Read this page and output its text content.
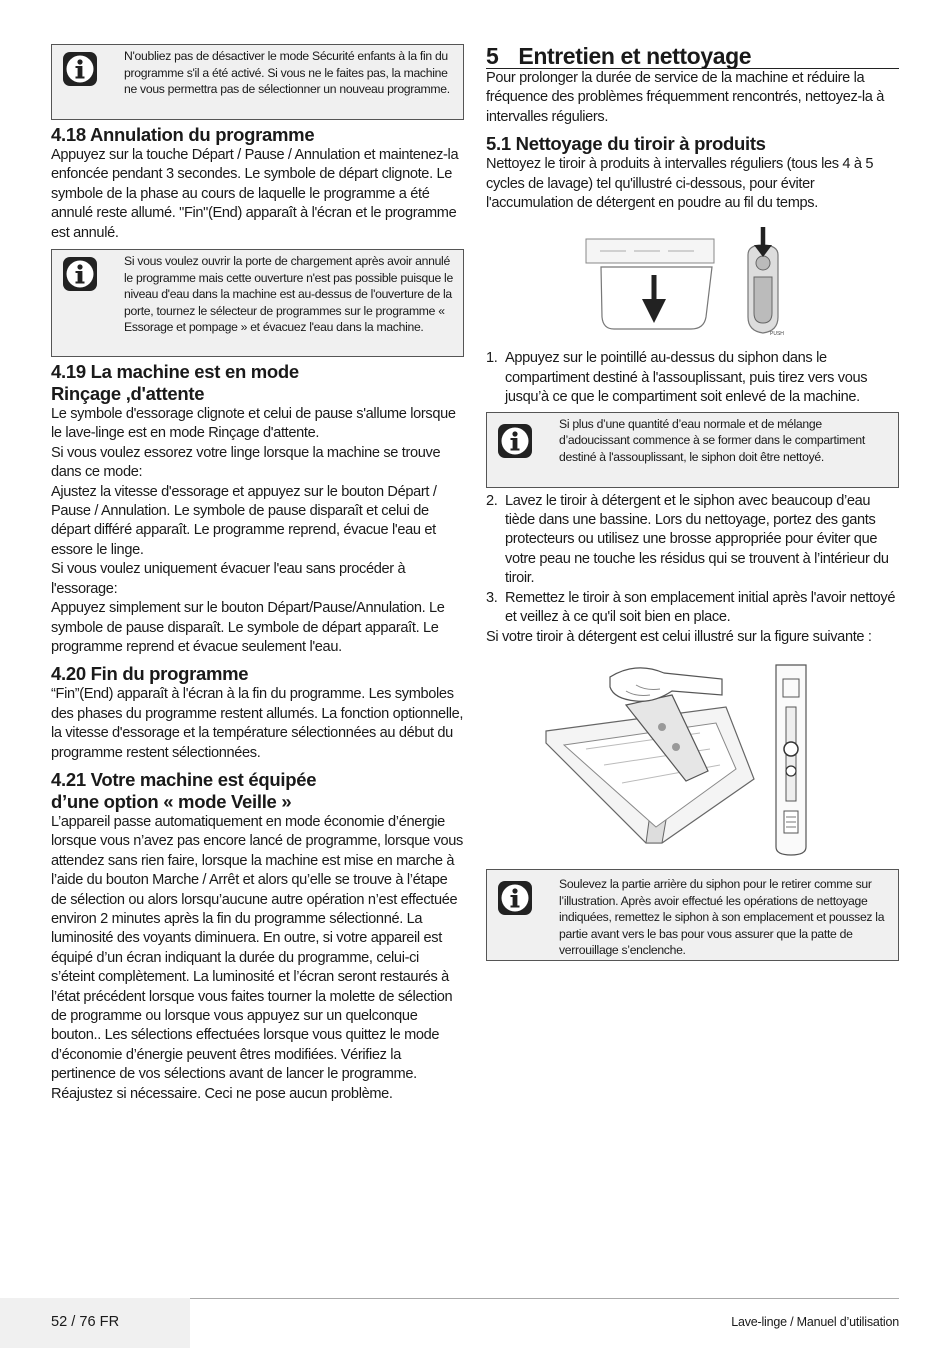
N'oubliez pas de désactiver le mode Sécurité enfants à la fin du programme s'il a été activé. Si vous ne le faites pas, la machine ne vous permettra pas de sélectionner un nouveau programme.
4.18 Annulation du programme

Appuyez sur la touche Départ / Pause / Annulation et maintenez-la enfoncée pendant 3 secondes. Le symbole de départ clignote. Le symbole de la phase au cours de laquelle le programme a été annulé reste allumé. "Fin"(End) apparaît à l'écran et le programme est annulé.

Si vous voulez ouvrir la porte de chargement après avoir annulé le programme mais cette ouverture n'est pas possible puisque le niveau d'eau dans la machine est au-dessus de l'ouverture de la porte, tournez le sélecteur de programmes sur le programme « Essorage et pompage » et évacuez l'eau dans la machine.
4.19 La machine est en mode
Rinçage ,d'attente

Le symbole d'essorage clignote et celui de pause s'allume lorsque le lave-linge est en mode Rinçage d'attente.

Si vous voulez essorez votre linge lorsque la machine se trouve dans ce mode:

Ajustez la vitesse d'essorage et appuyez sur le bouton Départ / Pause / Annulation. Le symbole de pause disparaît et celui de départ différé apparaît. Le programme reprend, évacue l'eau et essore le linge.

Si vous voulez uniquement évacuer l'eau sans procéder à l'essorage:

Appuyez simplement sur le bouton Départ/Pause/Annulation. Le symbole de pause disparaît. Le symbole de départ apparaît. Le programme reprend et évacue seulement l'eau.

4.20 Fin du programme

“Fin”(End) apparaît à l'écran à la fin du programme. Les symboles des phases du programme restent allumés. La fonction optionnelle, la vitesse d'essorage et la température sélectionnées au début du programme restent sélectionnées.

4.21 Votre machine est équipée
d’une option « mode Veille »

L’appareil passe automatiquement en mode économie d’énergie lorsque vous n’avez pas encore lancé de programme, lorsque vous attendez sans rien faire, lorsque la machine est mise en marche à l’aide du bouton Marche / Arrêt et alors qu’elle se trouve à l’étape de sélection ou alors lorsqu’aucune autre opération n’est effectuée environ 2 minutes après la fin du programme sélectionné. La luminosité des voyants diminuera. En outre, si votre appareil est équipé d’un écran indiquant la durée du programme, celui-ci s’éteint complètement. La luminosité et l’écran seront restaurés à l’état précédent lorsque vous faites tourner la molette de sélection de programme ou lorsque vous appuyez sur un quelconque bouton.. Les sélections effectuées lorsque vous quittez le mode d’économie d’énergie peuvent êtres modifiées. Vérifiez la pertinence de vos sélections avant de lancer le programme. Réajustez si nécessaire. Ceci ne pose aucun problème.

5 Entretien et nettoyage

Pour prolonger la durée de service de la machine et réduire la fréquence des problèmes fréquemment rencontrés, nettoyez-la à intervalles réguliers.

5.1 Nettoyage du tiroir à produits

Nettoyez le tiroir à produits à intervalles réguliers (tous les 4 à 5 cycles de lavage) tel qu'illustré ci-dessous, pour éviter l'accumulation de détergent en poudre au fil du temps.

PUSH
1. Appuyez sur le pointillé au-dessus du siphon dans le compartiment destiné à l'assouplissant, puis tirez vers vous jusqu’à ce que le compartiment soit enlevé de la machine.
Si plus d’une quantité d’eau normale et de mélange d’adoucissant commence à se former dans le compartiment destiné à l'assouplissant, le siphon doit être nettoyé.
2. Lavez le tiroir à détergent et le siphon avec beaucoup d’eau tiède dans une bassine. Lors du nettoyage, portez des gants protecteurs ou utilisez une brosse appropriée pour éviter que votre peau ne touche les résidus qui se trouvent à l’intérieur du tiroir.
3. Remettez le tiroir à son emplacement initial après l'avoir nettoyé et veillez à ce qu'il soit bien en place.

Si votre tiroir à détergent est celui illustré sur la figure suivante :

Soulevez la partie arrière du siphon pour le retirer comme sur l’illustration. Après avoir effectué les opérations de nettoyage indiquées, remettez le siphon à son emplacement et poussez la partie avant vers le bas pour vous assurer que la patte de verrouillage s’enclenche.
52 / 76 FR	Lave-linge / Manuel d’utilisation
